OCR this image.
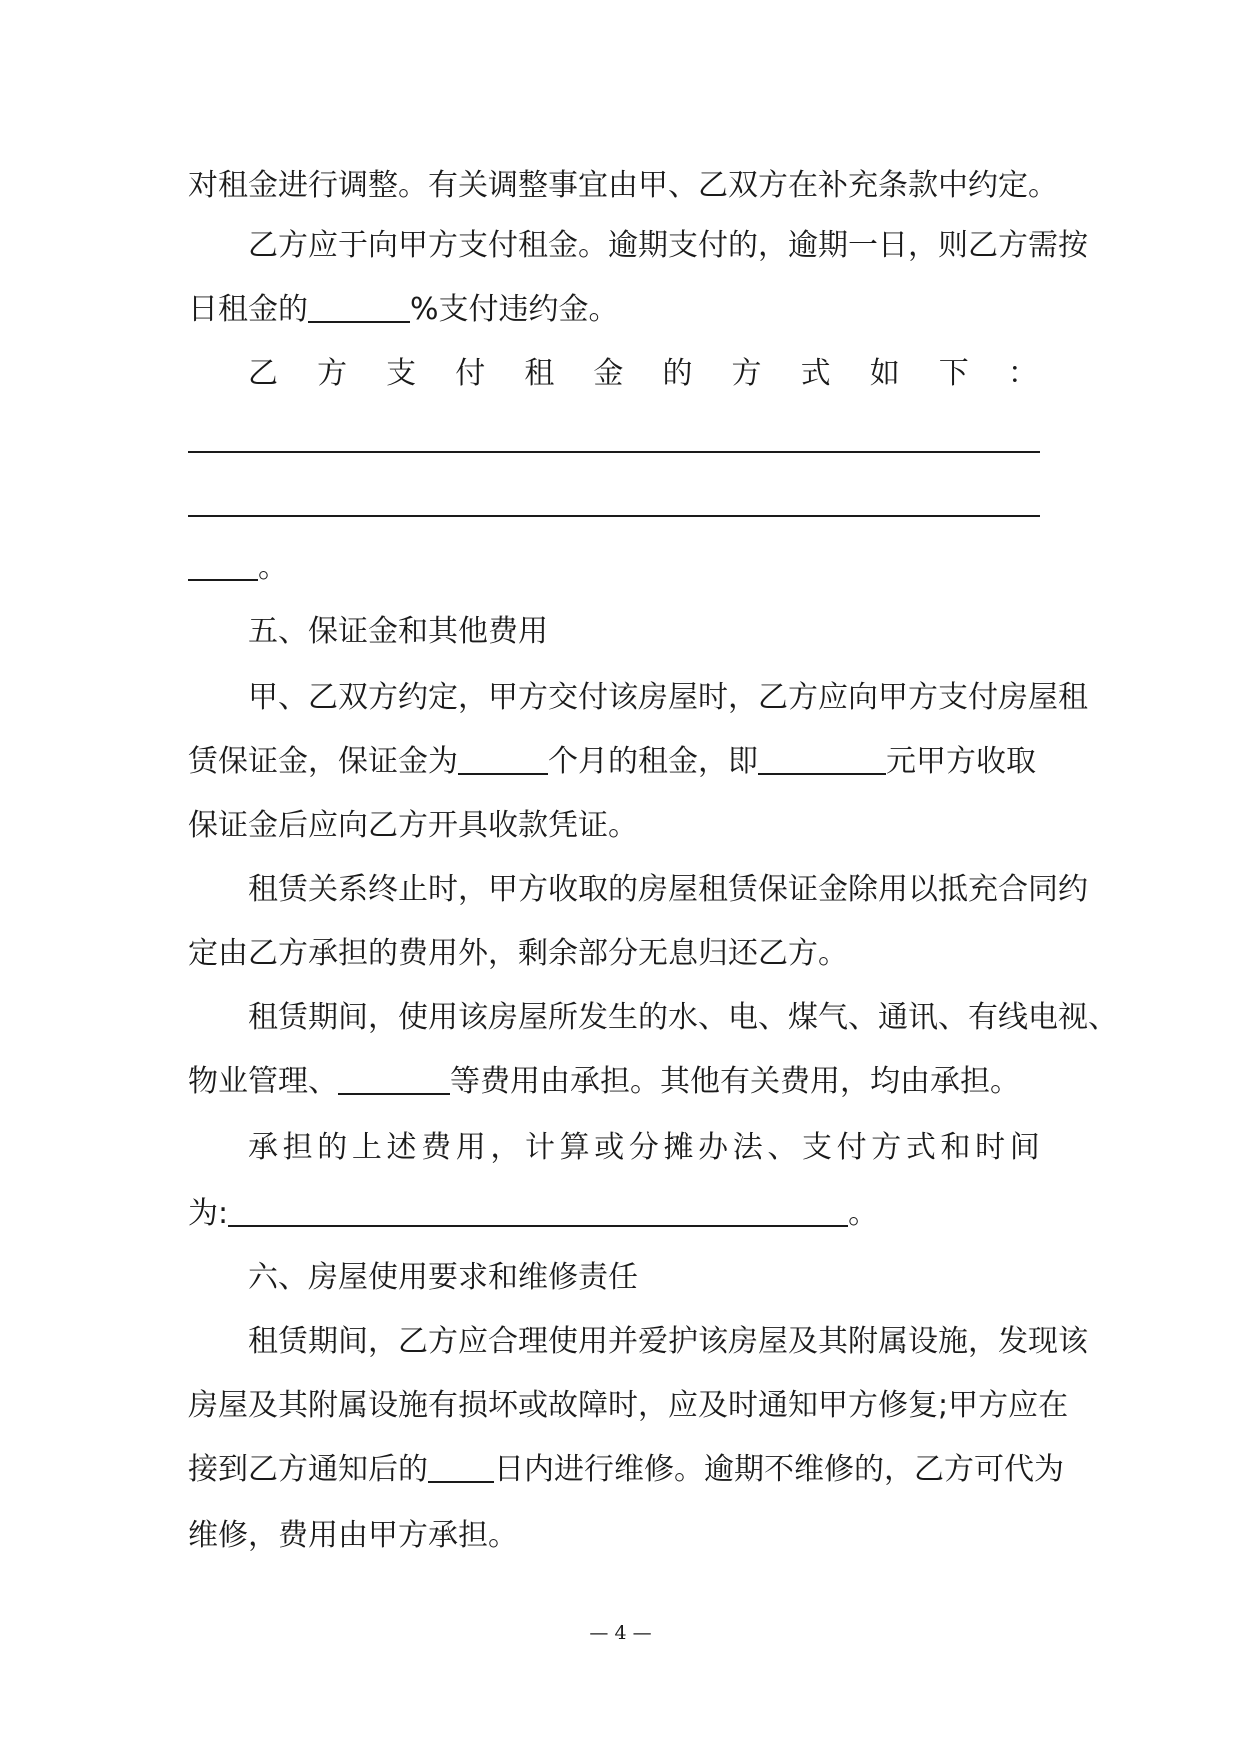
对租金进行调整。有关调整事宜由甲、乙双方在补充条款中约定。
乙方应于向甲方支付租金。逾期支付的，逾期一日，则乙方需按
日租金的	%支付违约金。
乙 方 支 付 租 金 的 方 式 如 下 ：
。
五、保证金和其他费用
甲、乙双方约定，甲方交付该房屋时，乙方应向甲方支付房屋租
赁保证金，保证金为	个月的租金，即	元甲方收取
保证金后应向乙方开具收款凭证。
租赁关系终止时，甲方收取的房屋租赁保证金除用以抵充合同约
定由乙方承担的费用外，剩余部分无息归还乙方。
租赁期间，使用该房屋所发生的水、电、煤气、通讯、有线电视、
物业管理、	等费用由承担。其他有关费用，均由承担。
承 担 的 上 述 费 用 ， 计 算 或 分 摊 办 法 、 支 付 方 式 和 时 间
为:	。
六、房屋使用要求和维修责任
租赁期间，乙方应合理使用并爱护该房屋及其附属设施，发现该
房屋及其附属设施有损坏或故障时，应及时通知甲方修复;甲方应在
接到乙方通知后的 日内进行维修。逾期不维修的，乙方可代为
维修，费用由甲方承担。
— 4 —
